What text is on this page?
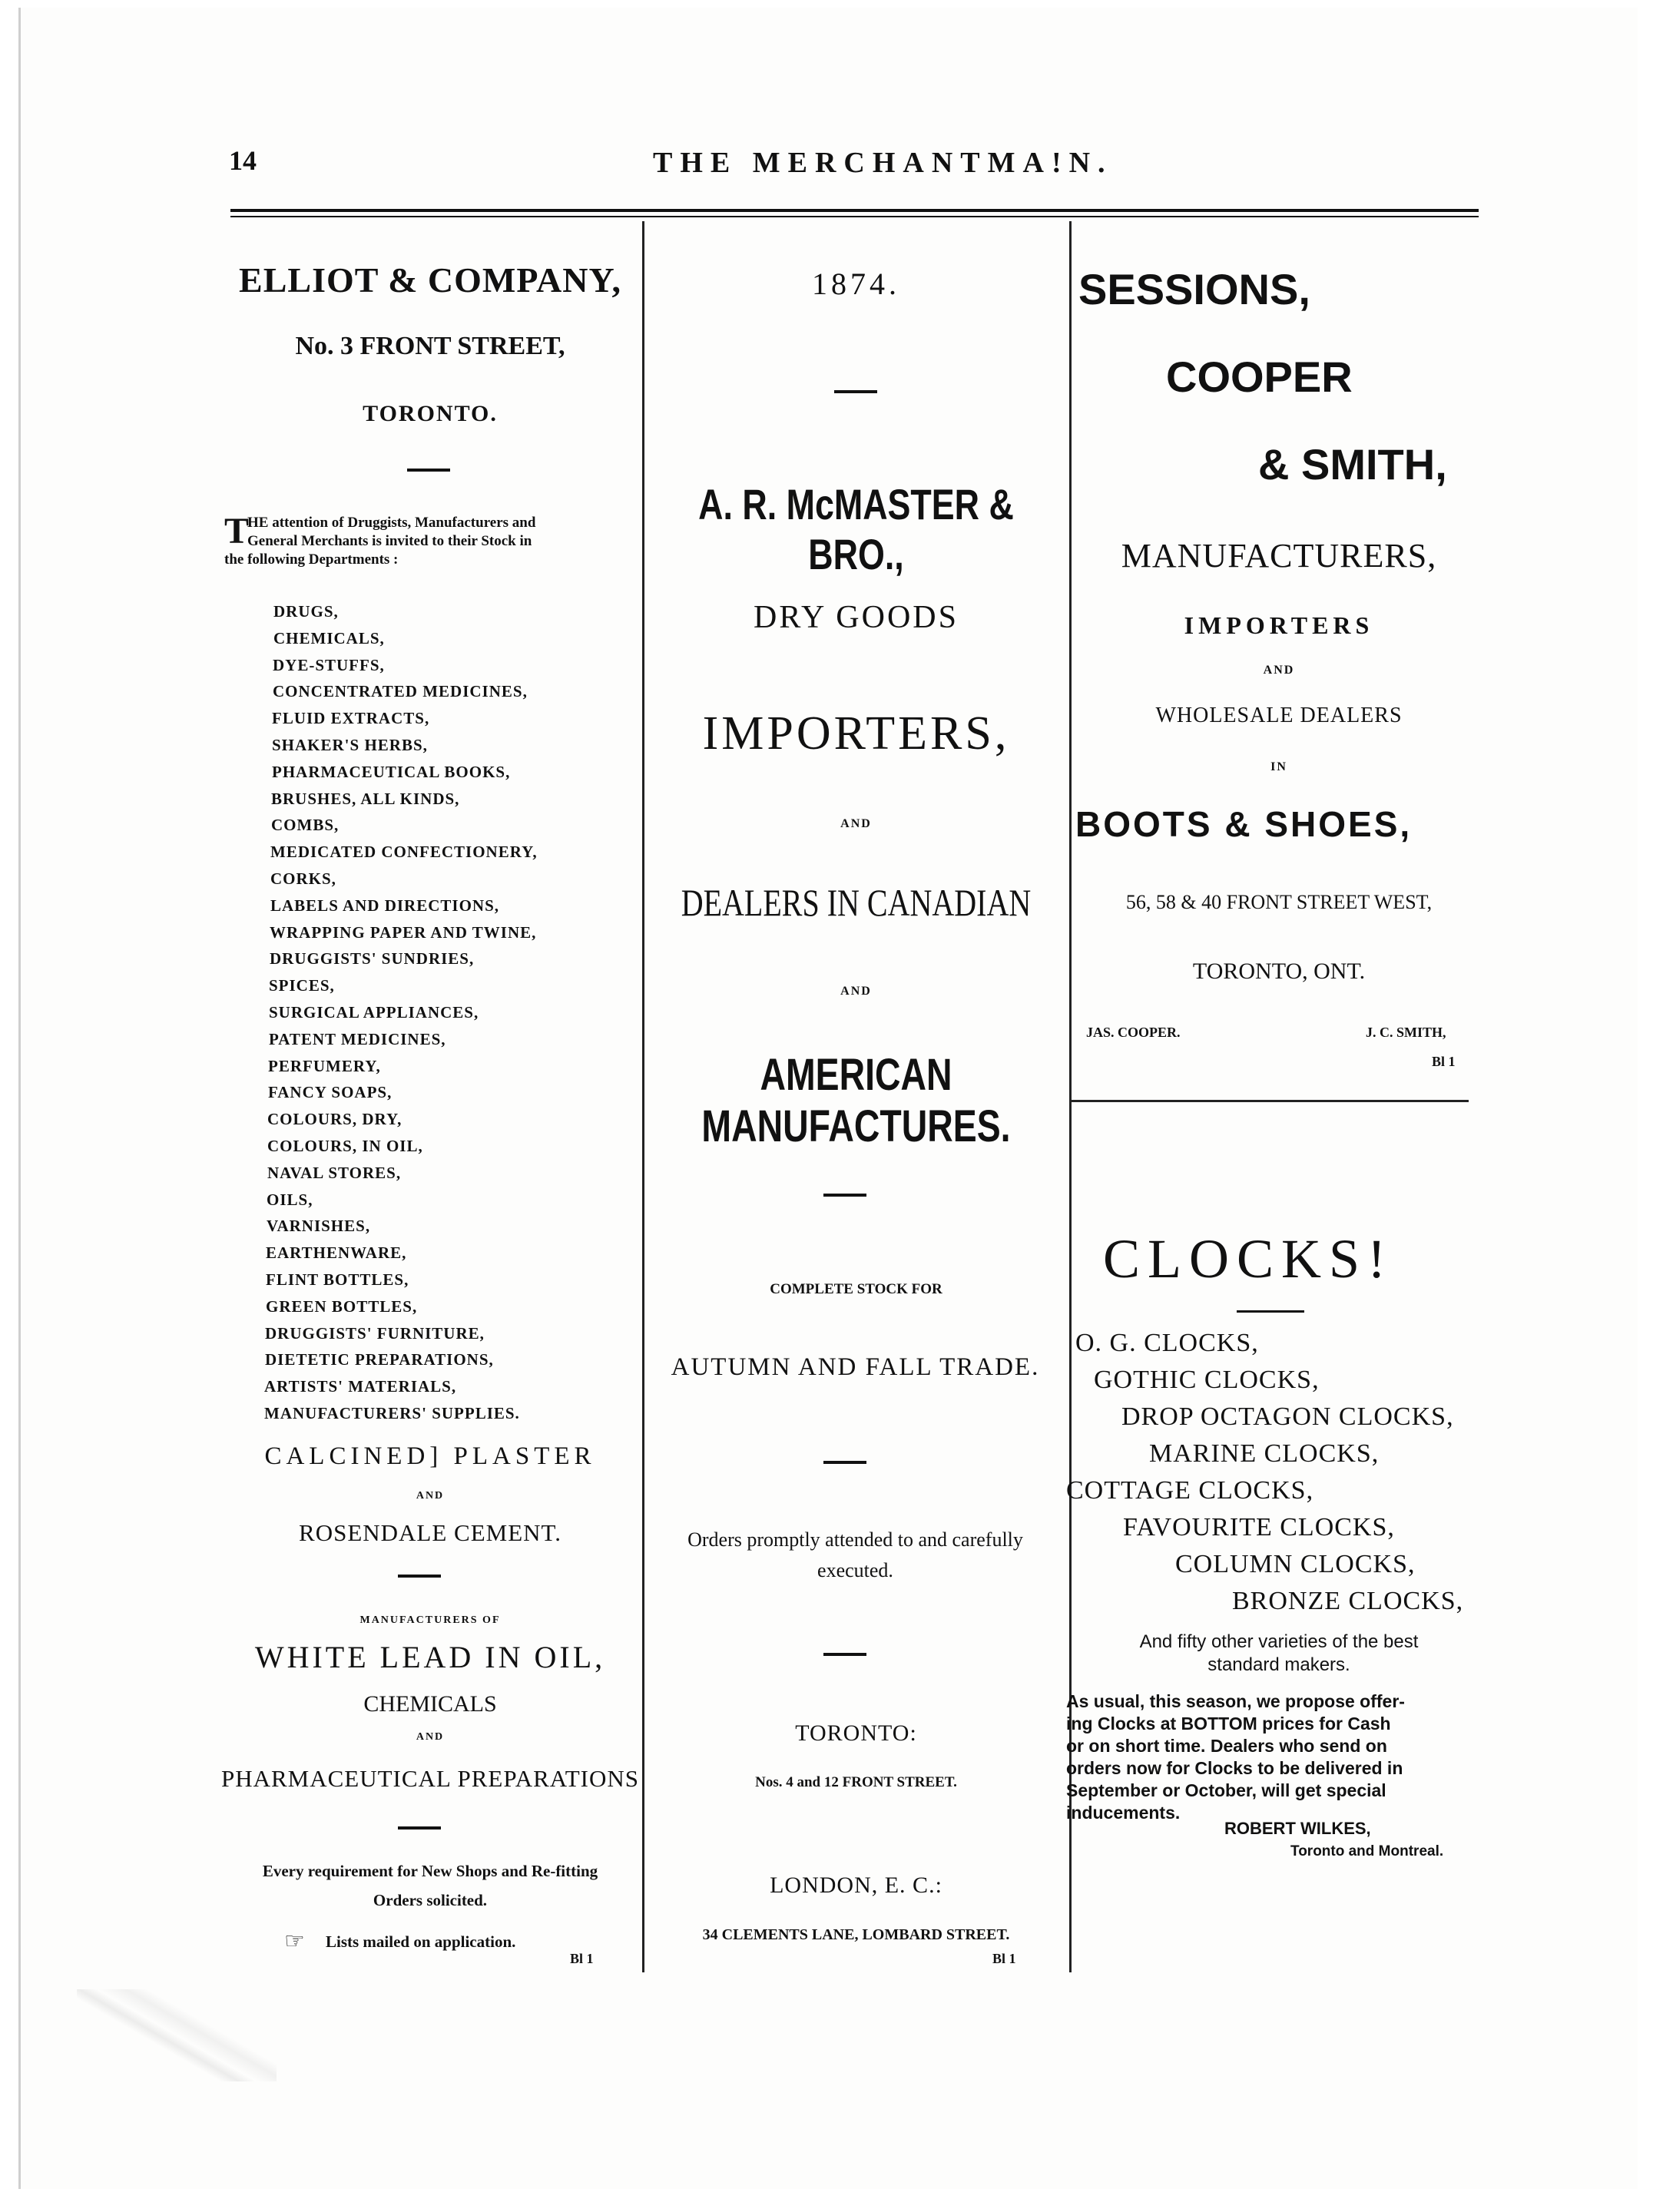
14	THE MERCHANTMA!N.
ELLIOT & COMPANY,
No. 3 FRONT STREET,
TORONTO.
T
HE attention of Druggists, Manufacturers and
General Merchants is invited to their Stock in
the following Departments :
DRUGS,
CHEMICALS,
DYE-STUFFS,
CONCENTRATED MEDICINES,
FLUID EXTRACTS,
SHAKER'S HERBS,
PHARMACEUTICAL BOOKS,
BRUSHES, ALL KINDS,
COMBS,
MEDICATED CONFECTIONERY,
CORKS,
LABELS AND DIRECTIONS,
WRAPPING PAPER AND TWINE,
DRUGGISTS' SUNDRIES,
SPICES,
SURGICAL APPLIANCES,
PATENT MEDICINES,
PERFUMERY,
FANCY SOAPS,
COLOURS, DRY,
COLOURS, IN OIL,
NAVAL STORES,
OILS,
VARNISHES,
EARTHENWARE,
FLINT BOTTLES,
GREEN BOTTLES,
DRUGGISTS' FURNITURE,
DIETETIC PREPARATIONS,
ARTISTS' MATERIALS,
MANUFACTURERS' SUPPLIES.
CALCINED] PLASTER
AND
ROSENDALE CEMENT.
MANUFACTURERS OF
WHITE LEAD IN OIL,
CHEMICALS
AND
PHARMACEUTICAL PREPARATIONS
Every requirement for New Shops and Re-fitting
Orders solicited.
☞ Lists mailed on application.
Bl 1
1874.
A. R. McMASTER & BRO.,
DRY GOODS
IMPORTERS,
AND
DEALERS IN CANADIAN
AND
AMERICAN MANUFACTURES.
COMPLETE STOCK FOR
AUTUMN AND FALL TRADE.
Orders promptly attended to and carefully
executed.
TORONTO:
Nos. 4 and 12 FRONT STREET.
LONDON, E. C.:
34 CLEMENTS LANE, LOMBARD STREET.
Bl 1
SESSIONS,
COOPER
& SMITH,
MANUFACTURERS,
IMPORTERS
AND
WHOLESALE DEALERS
IN
BOOTS & SHOES,
56, 58 & 40 FRONT STREET WEST,
TORONTO, ONT.
JAS. COOPER.	J. C. SMITH,
Bl 1
CLOCKS!
O. G. CLOCKS,
GOTHIC CLOCKS,
DROP OCTAGON CLOCKS,
MARINE CLOCKS,
COTTAGE CLOCKS,
FAVOURITE CLOCKS,
COLUMN CLOCKS,
BRONZE CLOCKS,
And fifty other varieties of the best
standard makers.
As usual, this season, we propose offer-
ing Clocks at BOTTOM prices for Cash
or on short time. Dealers who send on
orders now for Clocks to be delivered in
September or October, will get special
inducements.
ROBERT WILKES,
Toronto and Montreal.
